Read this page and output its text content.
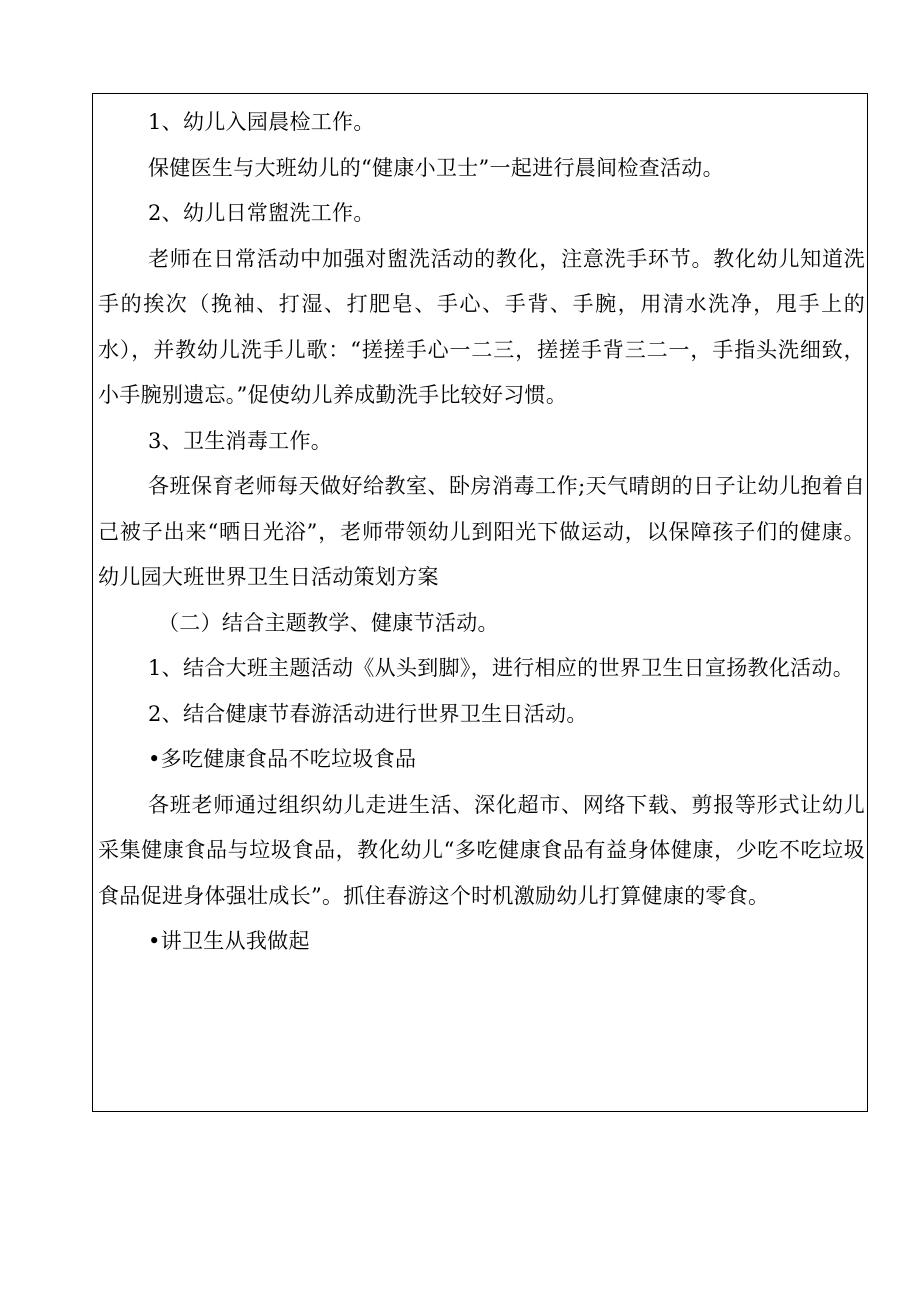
1、幼儿入园晨检工作。

保健医生与大班幼儿的“健康小卫士”一起进行晨间检查活动。

2、幼儿日常盥洗工作。

老师在日常活动中加强对盥洗活动的教化，注意洗手环节。教化幼儿知道洗手的挨次（挽袖、打湿、打肥皂、手心、手背、手腕，用清水洗净，甩手上的水），并教幼儿洗手儿歌：“搓搓手心一二三，搓搓手背三二一，手指头洗细致，小手腕别遗忘。”促使幼儿养成勤洗手比较好习惯。

3、卫生消毒工作。

各班保育老师每天做好给教室、卧房消毒工作;天气晴朗的日子让幼儿抱着自己被子出来“晒日光浴”，老师带领幼儿到阳光下做运动，以保障孩子们的健康。幼儿园大班世界卫生日活动策划方案

（二）结合主题教学、健康节活动。

1、结合大班主题活动《从头到脚》，进行相应的世界卫生日宣扬教化活动。

2、结合健康节春游活动进行世界卫生日活动。

•多吃健康食品不吃垃圾食品

各班老师通过组织幼儿走进生活、深化超市、网络下载、剪报等形式让幼儿采集健康食品与垃圾食品，教化幼儿“多吃健康食品有益身体健康，少吃不吃垃圾食品促进身体强壮成长”。抓住春游这个时机激励幼儿打算健康的零食。

•讲卫生从我做起
